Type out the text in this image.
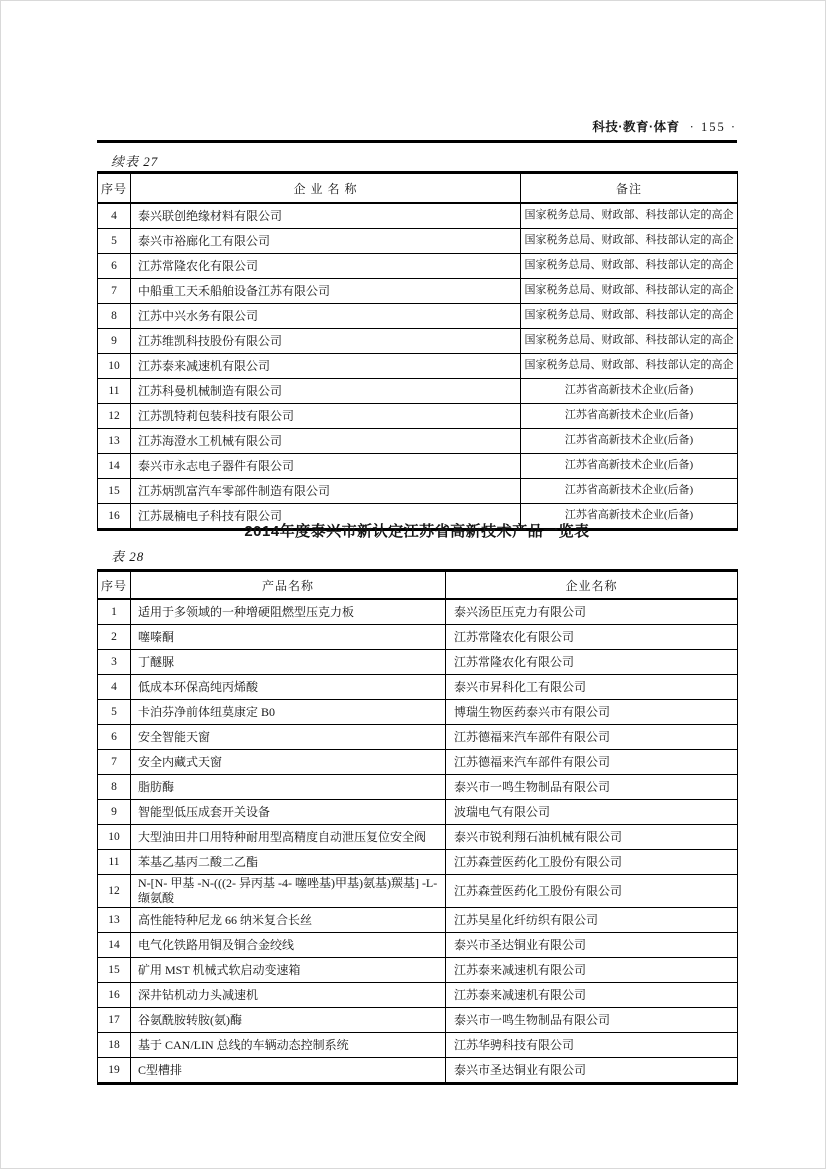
科技·教育·体育 · 155 ·
续表 27
序号	企 业 名 称	备注
4	泰兴联创绝缘材料有限公司	国家税务总局、财政部、科技部认定的高企
5	泰兴市裕廊化工有限公司	国家税务总局、财政部、科技部认定的高企
6	江苏常隆农化有限公司	国家税务总局、财政部、科技部认定的高企
7	中船重工天禾船舶设备江苏有限公司	国家税务总局、财政部、科技部认定的高企
8	江苏中兴水务有限公司	国家税务总局、财政部、科技部认定的高企
9	江苏维凯科技股份有限公司	国家税务总局、财政部、科技部认定的高企
10	江苏泰来减速机有限公司	国家税务总局、财政部、科技部认定的高企
11	江苏科曼机械制造有限公司	江苏省高新技术企业(后备)
12	江苏凯特莉包装科技有限公司	江苏省高新技术企业(后备)
13	江苏海澄水工机械有限公司	江苏省高新技术企业(后备)
14	泰兴市永志电子器件有限公司	江苏省高新技术企业(后备)
15	江苏炳凯富汽车零部件制造有限公司	江苏省高新技术企业(后备)
16	江苏晟楠电子科技有限公司	江苏省高新技术企业(后备)
2014年度泰兴市新认定江苏省高新技术产品一览表
表 28
序号	产品名称	企业名称
1	适用于多领域的一种增硬阻燃型压克力板	泰兴汤臣压克力有限公司
2	噻嗪酮	江苏常隆农化有限公司
3	丁醚脲	江苏常隆农化有限公司
4	低成本环保高纯丙烯酸	泰兴市昇科化工有限公司
5	卡泊芬净前体纽莫康定 B0	博瑞生物医药泰兴市有限公司
6	安全智能天窗	江苏德福来汽车部件有限公司
7	安全内藏式天窗	江苏德福来汽车部件有限公司
8	脂肪酶	泰兴市一鸣生物制品有限公司
9	智能型低压成套开关设备	波瑞电气有限公司
10	大型油田井口用特种耐用型高精度自动泄压复位安全阀	泰兴市锐利翔石油机械有限公司
11	苯基乙基丙二酸二乙酯	江苏森萱医药化工股份有限公司
12	N-[N- 甲基 -N-(((2- 异丙基 -4- 噻唑基)甲基)氨基)羰基] -L- 缬氨酸	江苏森萱医药化工股份有限公司
13	高性能特种尼龙 66 纳米复合长丝	江苏昊星化纤纺织有限公司
14	电气化铁路用铜及铜合金绞线	泰兴市圣达铜业有限公司
15	矿用 MST 机械式软启动变速箱	江苏泰来减速机有限公司
16	深井钻机动力头减速机	江苏泰来减速机有限公司
17	谷氨酰胺转胺(氨)酶	泰兴市一鸣生物制品有限公司
18	基于 CAN/LIN 总线的车辆动态控制系统	江苏华骋科技有限公司
19	C型槽排	泰兴市圣达铜业有限公司
